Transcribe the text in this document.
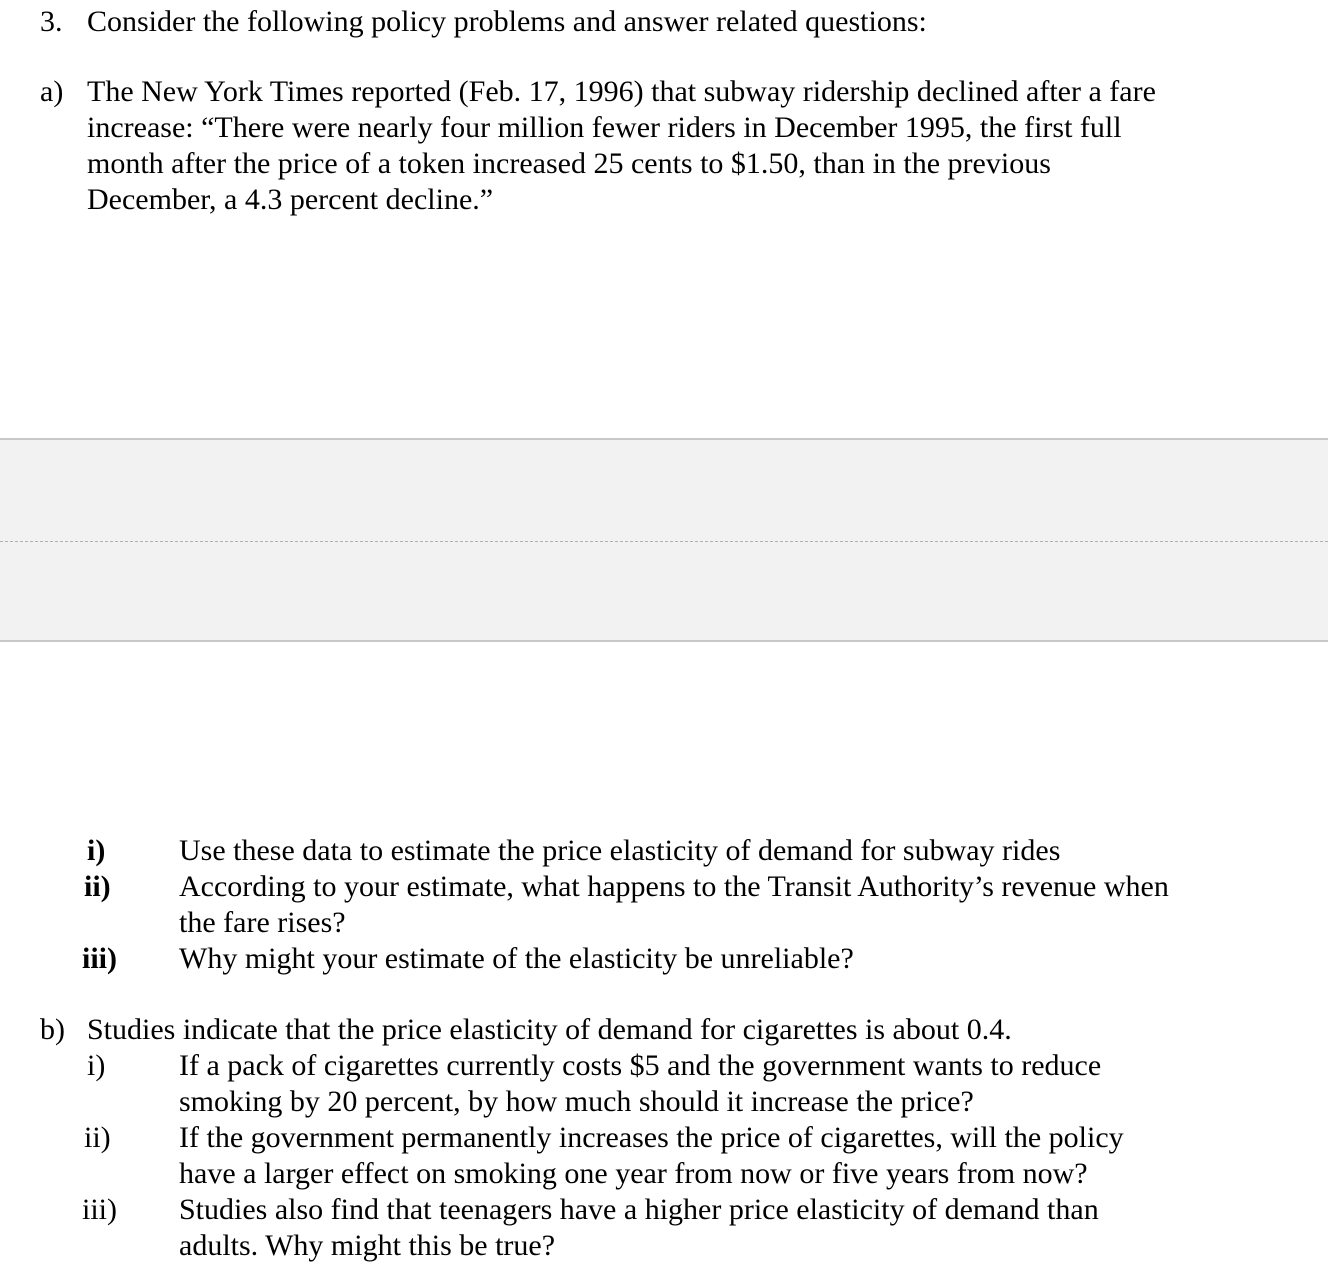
3. Consider the following policy problems and answer related questions:
a) The New York Times reported (Feb. 17, 1996) that subway ridership declined after a fare
increase: “There were nearly four million fewer riders in December 1995, the first full
month after the price of a token increased 25 cents to $1.50, than in the previous
December, a 4.3 percent decline.”
i) Use these data to estimate the price elasticity of demand for subway rides
ii) According to your estimate, what happens to the Transit Authority’s revenue when
the fare rises?
iii) Why might your estimate of the elasticity be unreliable?
b) Studies indicate that the price elasticity of demand for cigarettes is about 0.4.
i) If a pack of cigarettes currently costs $5 and the government wants to reduce
smoking by 20 percent, by how much should it increase the price?
ii) If the government permanently increases the price of cigarettes, will the policy
have a larger effect on smoking one year from now or five years from now?
iii) Studies also find that teenagers have a higher price elasticity of demand than
adults. Why might this be true?
